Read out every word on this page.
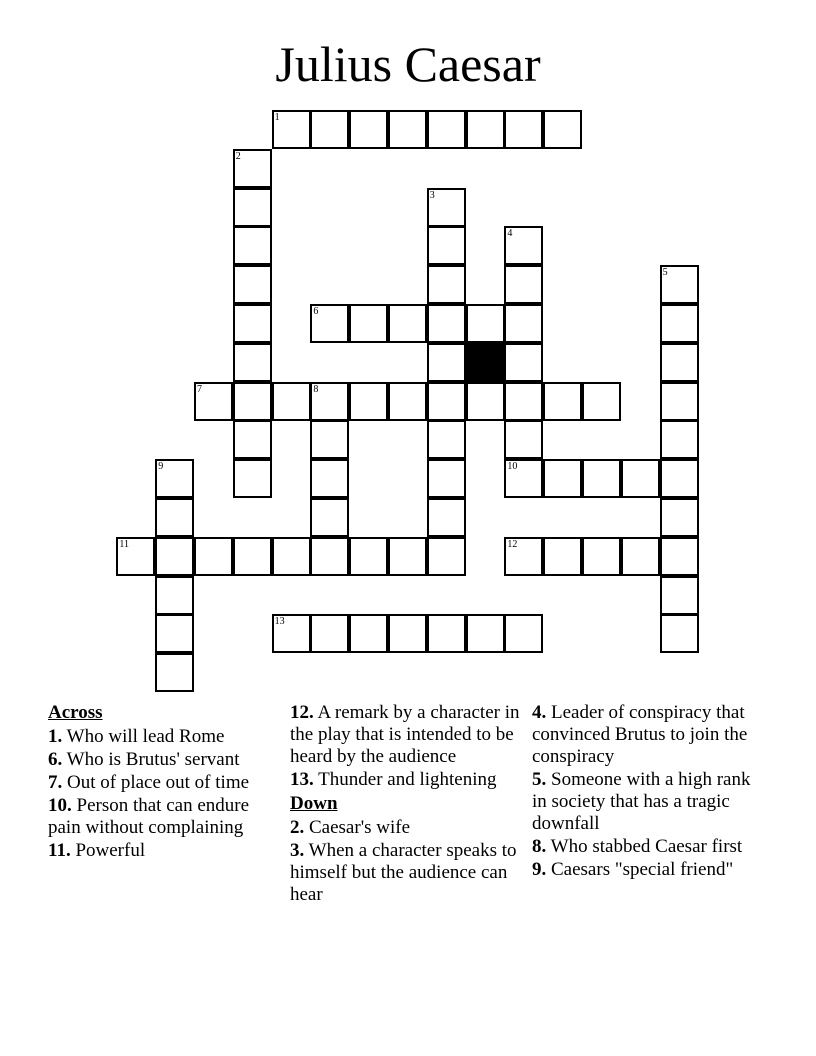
Julius Caesar
1
2
3
4
10
5
6
7	8
9
11	12
13
Across
1. Who will lead Rome
6. Who is Brutus' servant
7. Out of place out of time
10. Person that can endure pain without complaining
11. Powerful
12. A remark by a character in the play that is intended to be heard by the audience
13. Thunder and lightening
Down
2. Caesar's wife
3. When a character speaks to himself but the audience can hear
4. Leader of conspiracy that convinced Brutus to join the conspiracy
5. Someone with a high rank in society that has a tragic downfall
8. Who stabbed Caesar first
9. Caesars "special friend"
